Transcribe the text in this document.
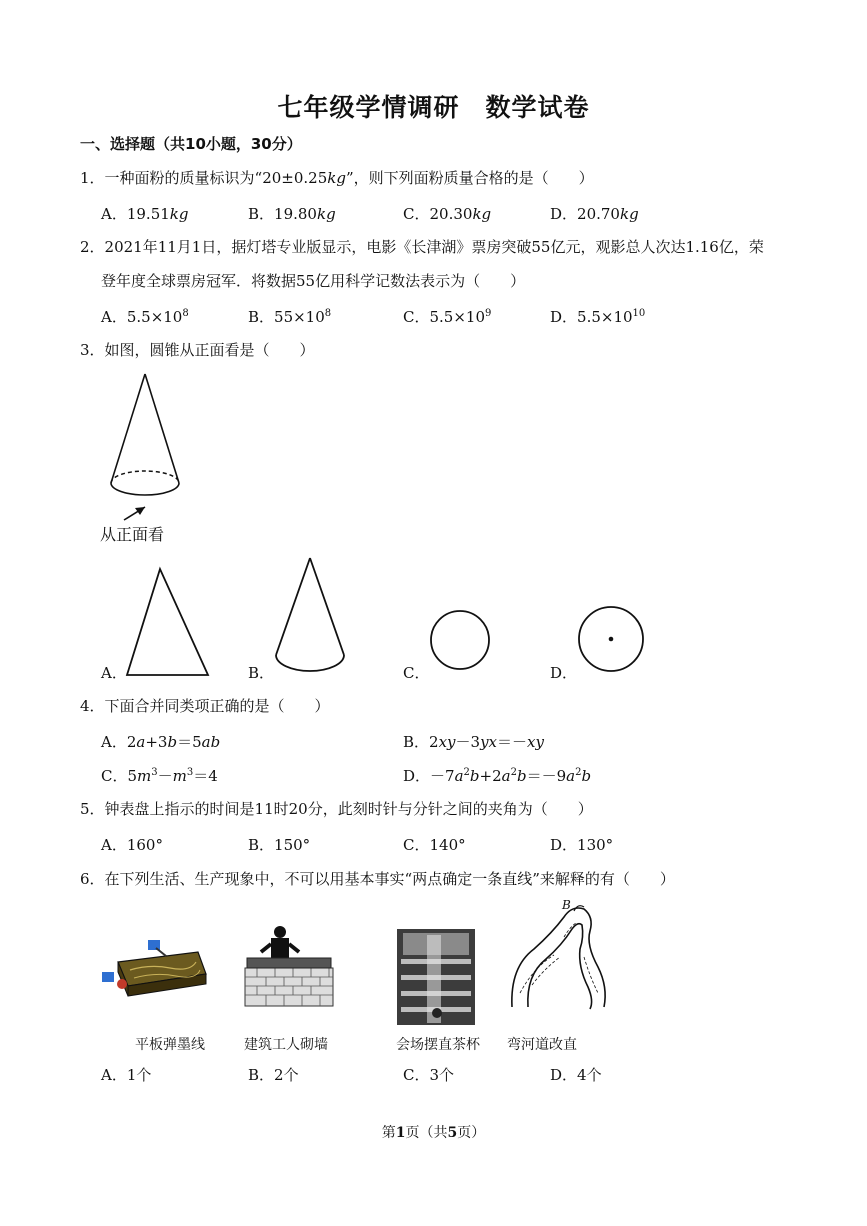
七年级学情调研　数学试卷
一、选择题（共10小题，30分）
1．一种面粉的质量标识为“20±0.25kg”，则下列面粉质量合格的是（　　）
A．19.51kg	B．19.80kg	C．20.30kg	D．20.70kg
2．2021年11月1日，据灯塔专业版显示，电影《长津湖》票房突破55亿元，观影总人次达1.16亿，荣
登年度全球票房冠军．将数据55亿用科学记数法表示为（　　）
A．$5.5\times 10^8$	B．$55\times 10^8$	C．$5.5\times 10^9$	D．$5.5\times 10^{10}$
3．如图，圆锥从正面看是（　　）
从正面看
A．	B．	C．	D．
4．下面合并同类项正确的是（　　）
A．2a+3b＝5ab	B．2xy－3yx＝－xy
C．$5m^3-m^3=4$	D．$-7a^2b+2a^2b=-9a^2b$
5．钟表盘上指示的时间是11时20分，此刻时针与分针之间的夹角为（　　）
A．160°	B．150°	C．140°	D．130°
6．在下列生活、生产现象中，不可以用基本事实“两点确定一条直线”来解释的有（　　）
B
平板弹墨线	建筑工人砌墙	会场摆直茶杯 弯河道改直
A．1个	B．2个	C．3个	D．4个
第1页（共5页）
